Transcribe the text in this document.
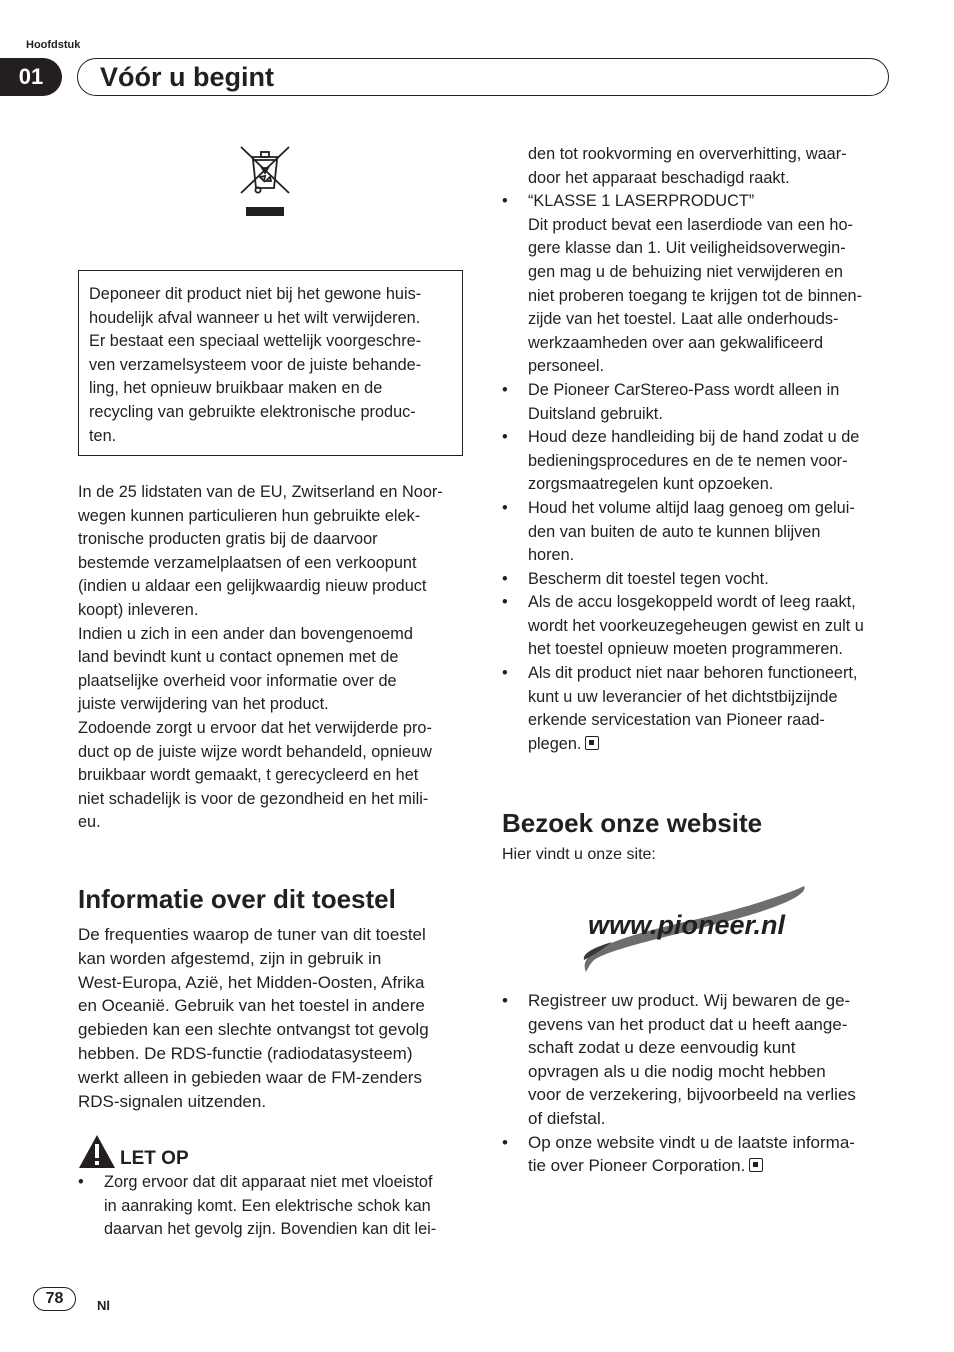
Hoofdstuk
01	Vóór u begint

Deponeer dit product niet bij het gewone huis-
houdelijk afval wanneer u het wilt verwijderen.
Er bestaat een speciaal wettelijk voorgeschre-
ven verzamelsysteem voor de juiste behande-
ling, het opnieuw bruikbaar maken en de
recycling van gebruikte elektronische produc-
ten.

In de 25 lidstaten van de EU, Zwitserland en Noor-
wegen kunnen particulieren hun gebruikte elek-
tronische producten gratis bij de daarvoor
bestemde verzamelplaatsen of een verkoopunt
(indien u aldaar een gelijkwaardig nieuw product
koopt) inleveren.
Indien u zich in een ander dan bovengenoemd
land bevindt kunt u contact opnemen met de
plaatselijke overheid voor informatie over de
juiste verwijdering van het product.
Zodoende zorgt u ervoor dat het verwijderde pro-
duct op de juiste wijze wordt behandeld, opnieuw
bruikbaar wordt gemaakt, t gerecycleerd en het
niet schadelijk is voor de gezondheid en het mili-
eu.

Informatie over dit toestel

De frequenties waarop de tuner van dit toestel
kan worden afgestemd, zijn in gebruik in
West-Europa, Azië, het Midden-Oosten, Afrika
en Oceanië. Gebruik van het toestel in andere
gebieden kan een slechte ontvangst tot gevolg
hebben. De RDS-functie (radiodatasysteem)
werkt alleen in gebieden waar de FM-zenders
RDS-signalen uitzenden.

LET OP
•	Zorg ervoor dat dit apparaat niet met vloeistof
in aanraking komt. Een elektrische schok kan
daarvan het gevolg zijn. Bovendien kan dit lei-
den tot rookvorming en oververhitting, waar-
door het apparaat beschadigd raakt.
•	“KLASSE 1 LASERPRODUCT”
Dit product bevat een laserdiode van een ho-
gere klasse dan 1. Uit veiligheidsoverwegin-
gen mag u de behuizing niet verwijderen en
niet proberen toegang te krijgen tot de binnen-
zijde van het toestel. Laat alle onderhouds-
werkzaamheden over aan gekwalificeerd
personeel.
•	De Pioneer CarStereo-Pass wordt alleen in
Duitsland gebruikt.
•	Houd deze handleiding bij de hand zodat u de
bedieningsprocedures en de te nemen voor-
zorgsmaatregelen kunt opzoeken.
•	Houd het volume altijd laag genoeg om gelui-
den van buiten de auto te kunnen blijven
horen.
•	Bescherm dit toestel tegen vocht.
•	Als de accu losgekoppeld wordt of leeg raakt,
wordt het voorkeuzegeheugen gewist en zult u
het toestel opnieuw moeten programmeren.
•	Als dit product niet naar behoren functioneert,
kunt u uw leverancier of het dichtstbijzijnde
erkende servicestation van Pioneer raad-
plegen.
Bezoek onze website
Hier vindt u onze site:
www.pioneer.nl
•	Registreer uw product. Wij bewaren de ge-
gevens van het product dat u heeft aange-
schaft zodat u deze eenvoudig kunt
opvragen als u die nodig mocht hebben
voor de verzekering, bijvoorbeeld na verlies
of diefstal.
•	Op onze website vindt u de laatste informa-
tie over Pioneer Corporation.
78	Nl
